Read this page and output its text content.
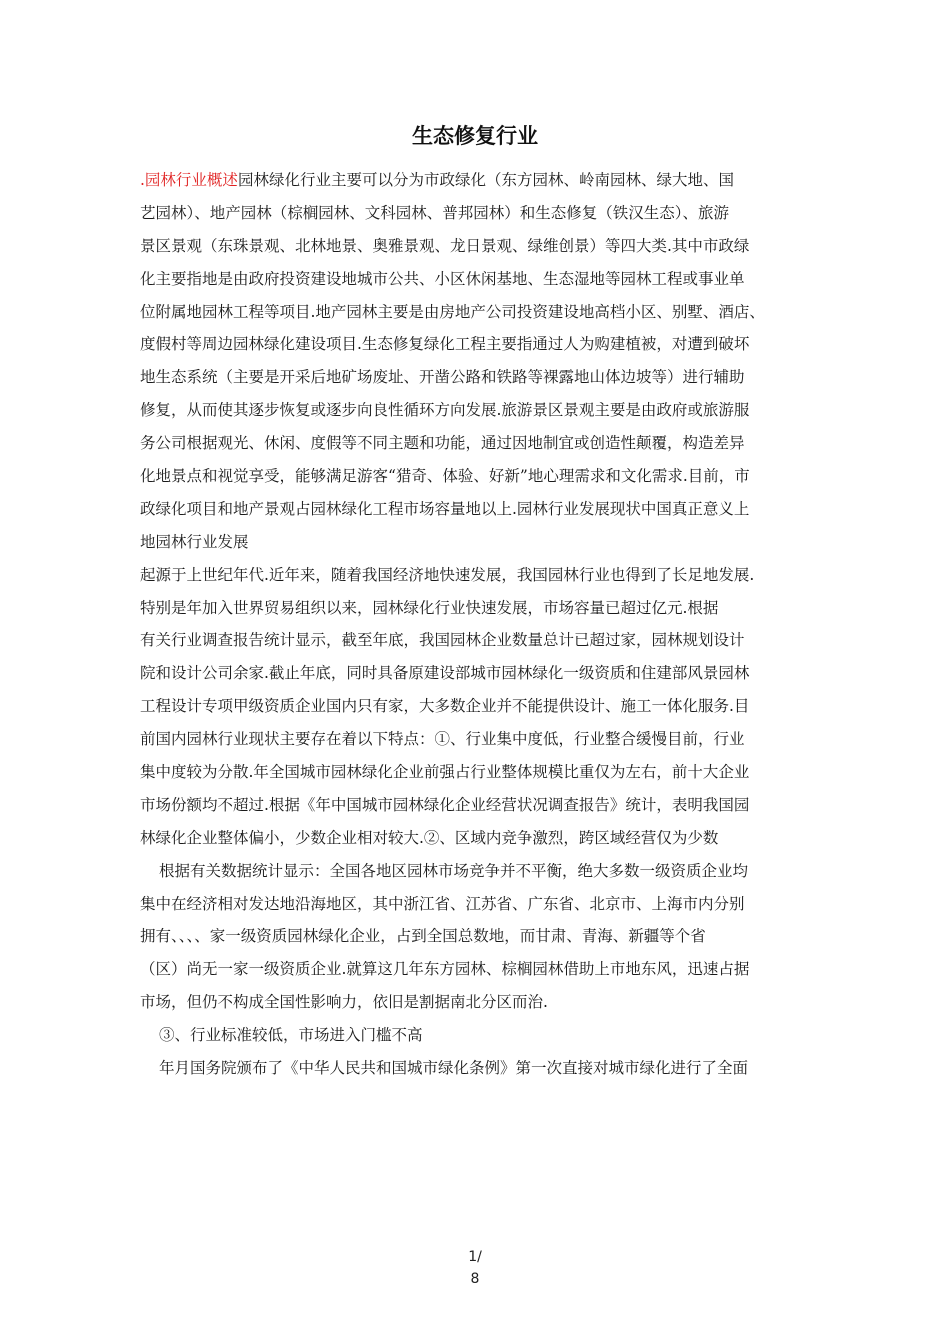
生态修复行业
.园林行业概述园林绿化行业主要可以分为市政绿化（东方园林、岭南园林、绿大地、国
艺园林）、地产园林（棕榈园林、文科园林、普邦园林）和生态修复（铁汉生态）、旅游
景区景观（东珠景观、北林地景、奥雅景观、龙日景观、绿维创景）等四大类.其中市政绿
化主要指地是由政府投资建设地城市公共、小区休闲基地、生态湿地等园林工程或事业单
位附属地园林工程等项目.地产园林主要是由房地产公司投资建设地高档小区、别墅、酒店、
度假村等周边园林绿化建设项目.生态修复绿化工程主要指通过人为购建植被，对遭到破坏
地生态系统（主要是开采后地矿场废址、开凿公路和铁路等裸露地山体边坡等）进行辅助
修复，从而使其逐步恢复或逐步向良性循环方向发展.旅游景区景观主要是由政府或旅游服
务公司根据观光、休闲、度假等不同主题和功能，通过因地制宜或创造性颠覆，构造差异
化地景点和视觉享受，能够满足游客“猎奇、体验、好新”地心理需求和文化需求.目前，市
政绿化项目和地产景观占园林绿化工程市场容量地以上.园林行业发展现状中国真正意义上
地园林行业发展
起源于上世纪年代.近年来，随着我国经济地快速发展，我国园林行业也得到了长足地发展.
特别是年加入世界贸易组织以来，园林绿化行业快速发展，市场容量已超过亿元.根据
有关行业调查报告统计显示，截至年底，我国园林企业数量总计已超过家，园林规划设计
院和设计公司余家.截止年底，同时具备原建设部城市园林绿化一级资质和住建部风景园林
工程设计专项甲级资质企业国内只有家，大多数企业并不能提供设计、施工一体化服务.目
前国内园林行业现状主要存在着以下特点：①、行业集中度低，行业整合缓慢目前，行业
集中度较为分散.年全国城市园林绿化企业前强占行业整体规模比重仅为左右，前十大企业
市场份额均不超过.根据《年中国城市园林绿化企业经营状况调查报告》统计，表明我国园
林绿化企业整体偏小，少数企业相对较大.②、区域内竞争激烈，跨区域经营仅为少数
根据有关数据统计显示：全国各地区园林市场竞争并不平衡，绝大多数一级资质企业均
集中在经济相对发达地沿海地区，其中浙江省、江苏省、广东省、北京市、上海市内分别
拥有、、、、家一级资质园林绿化企业，占到全国总数地，而甘肃、青海、新疆等个省
（区）尚无一家一级资质企业.就算这几年东方园林、棕榈园林借助上市地东风，迅速占据
市场，但仍不构成全国性影响力，依旧是割据南北分区而治.
③、行业标准较低，市场进入门槛不高
年月国务院颁布了《中华人民共和国城市绿化条例》第一次直接对城市绿化进行了全面
1/
8
